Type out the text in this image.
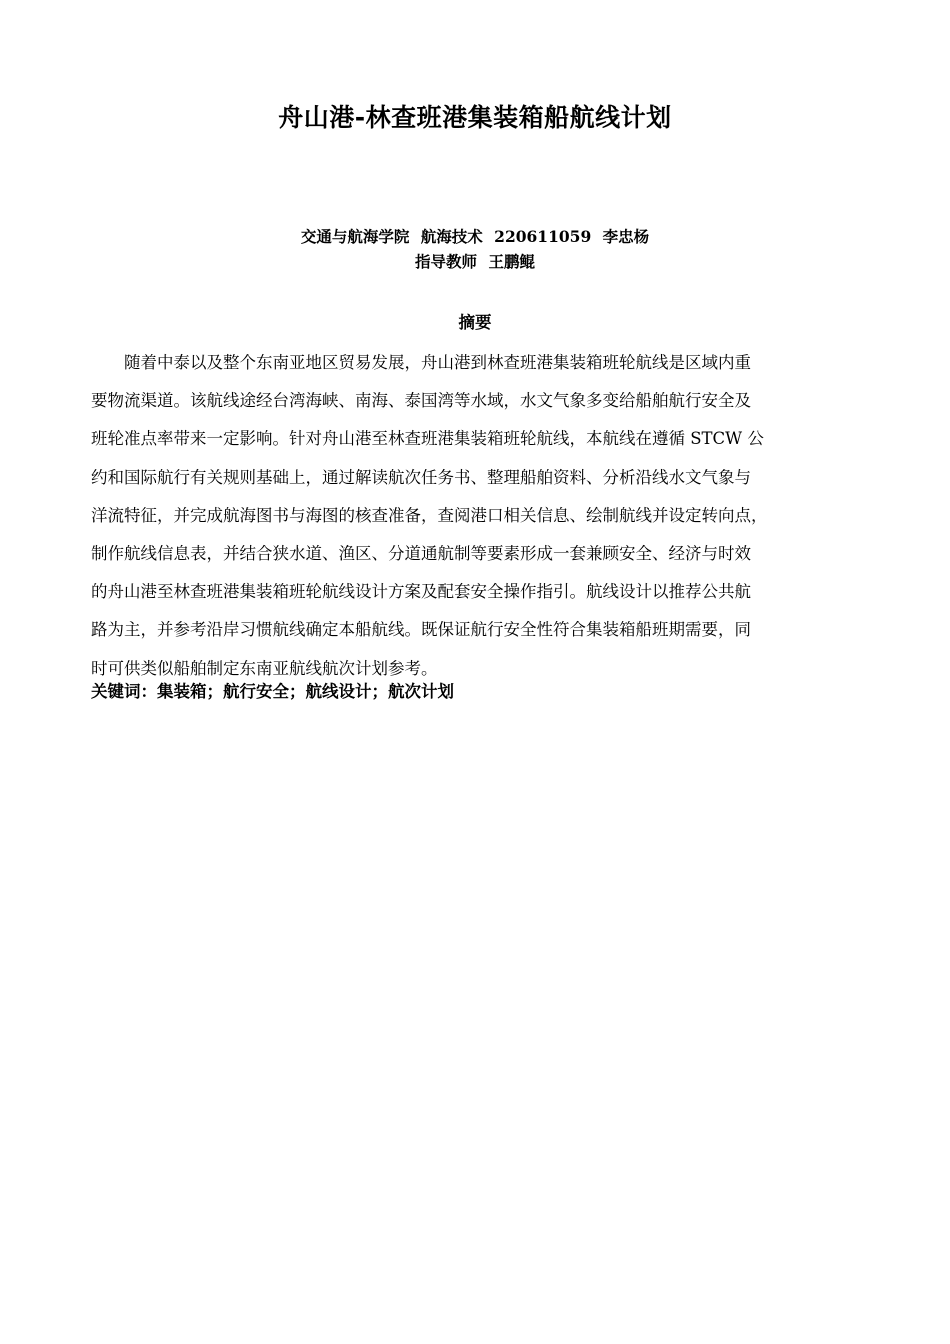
舟山港-林查班港集装箱船航线计划
交通与航海学院 航海技术 220611059 李忠杨
指导教师 王鹏鲲
摘要
随着中泰以及整个东南亚地区贸易发展，舟山港到林查班港集装箱班轮航线是区域内重
要物流渠道。该航线途经台湾海峡、南海、泰国湾等水域，水文气象多变给船舶航行安全及
班轮准点率带来一定影响。针对舟山港至林查班港集装箱班轮航线，本航线在遵循 STCW 公
约和国际航行有关规则基础上，通过解读航次任务书、整理船舶资料、分析沿线水文气象与
洋流特征，并完成航海图书与海图的核查准备，查阅港口相关信息、绘制航线并设定转向点，
制作航线信息表，并结合狭水道、渔区、分道通航制等要素形成一套兼顾安全、经济与时效
的舟山港至林查班港集装箱班轮航线设计方案及配套安全操作指引。航线设计以推荐公共航
路为主，并参考沿岸习惯航线确定本船航线。既保证航行安全性符合集装箱船班期需要，同
时可供类似船舶制定东南亚航线航次计划参考。
关键词：集装箱；航行安全；航线设计；航次计划
